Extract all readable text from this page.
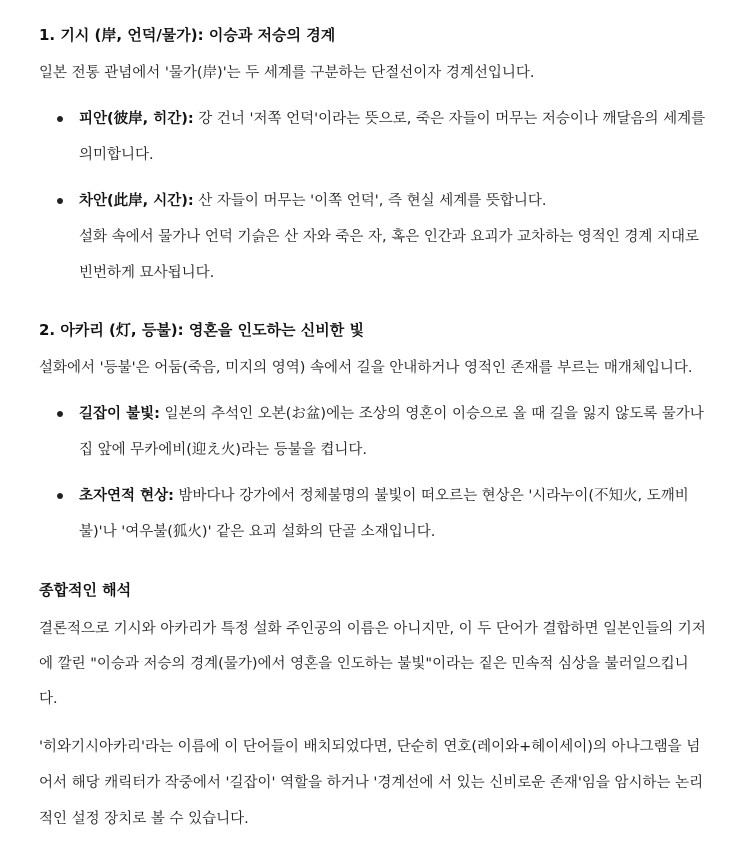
1. 기시 (岸, 언덕/물가): 이승과 저승의 경계
일본 전통 관념에서 '물가(岸)'는 두 세계를 구분하는 단절선이자 경계선입니다.
피안(彼岸, 히간): 강 건너 '저쪽 언덕'이라는 뜻으로, 죽은 자들이 머무는 저승이나 깨달음의 세계를
의미합니다.
차안(此岸, 시간): 산 자들이 머무는 '이쪽 언덕', 즉 현실 세계를 뜻합니다.
설화 속에서 물가나 언덕 기슭은 산 자와 죽은 자, 혹은 인간과 요괴가 교차하는 영적인 경계 지대로
빈번하게 묘사됩니다.
2. 아카리 (灯, 등불): 영혼을 인도하는 신비한 빛
설화에서 '등불'은 어둠(죽음, 미지의 영역) 속에서 길을 안내하거나 영적인 존재를 부르는 매개체입니다.
길잡이 불빛: 일본의 추석인 오본(お盆)에는 조상의 영혼이 이승으로 올 때 길을 잃지 않도록 물가나
집 앞에 무카에비(迎え火)라는 등불을 켭니다.
초자연적 현상: 밤바다나 강가에서 정체불명의 불빛이 떠오르는 현상은 '시라누이(不知火, 도깨비
불)'나 '여우불(狐火)' 같은 요괴 설화의 단골 소재입니다.
종합적인 해석
결론적으로 기시와 아카리가 특정 설화 주인공의 이름은 아니지만, 이 두 단어가 결합하면 일본인들의 기저
에 깔린 "이승과 저승의 경계(물가)에서 영혼을 인도하는 불빛"이라는 짙은 민속적 심상을 불러일으킵니
다.
'히와기시아카리'라는 이름에 이 단어들이 배치되었다면, 단순히 연호(레이와+헤이세이)의 아나그램을 넘
어서 해당 캐릭터가 작중에서 '길잡이' 역할을 하거나 '경계선에 서 있는 신비로운 존재'임을 암시하는 논리
적인 설정 장치로 볼 수 있습니다.
